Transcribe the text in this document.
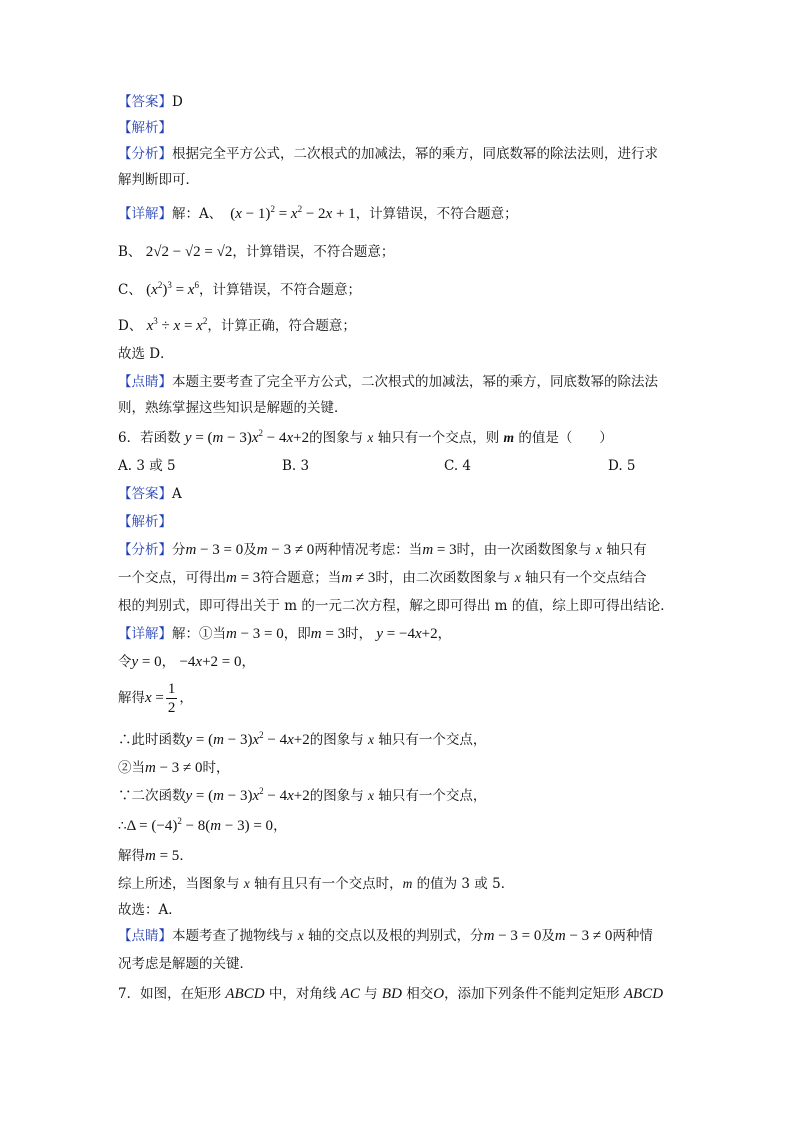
【答案】D
【解析】
【分析】根据完全平方公式，二次根式的加减法，幂的乘方，同底数幂的除法法则，进行求
解判断即可．
【详解】解：A、  $(x - 1)^2 = x^2 - 2x + 1$，计算错误，不符合题意；
B、 2√2 − √2 = √2，计算错误，不符合题意；
C、 $(x^2)^3 = x^6$，计算错误，不符合题意；
D、 $x^3 \div x = x^2$，计算正确，符合题意；
故选 D．
【点睛】本题主要考查了完全平方公式，二次根式的加减法，幂的乘方，同底数幂的除法法
则，熟练掌握这些知识是解题的关键．
6．若函数 $y = (m - 3)x^2 - 4x+2$的图象与 x 轴只有一个交点，则 m 的值是（　　）
A. 3 或 5	B. 3	C. 4	D. 5
【答案】A
【解析】
【分析】分m − 3 = 0及m − 3 ≠ 0两种情况考虑：当m = 3时，由一次函数图象与 x 轴只有
一个交点，可得出m = 3符合题意；当m ≠ 3时，由二次函数图象与 x 轴只有一个交点结合
根的判别式，即可得出关于 m 的一元二次方程，解之即可得出 m 的值，综上即可得出结论．
【详解】解：①当m − 3 = 0，即m = 3时， y = −4x+2，
令y = 0， −4x+2 = 0，
解得$x = \frac{1}{2}$ ，
∴此时函数$y = (m - 3)x^2 - 4x+2$的图象与 x 轴只有一个交点，
②当m − 3 ≠ 0时，
∵二次函数$y = (m - 3)x^2 - 4x+2$的图象与 x 轴只有一个交点，
∴Δ = $(-4)^2 - 8(m - 3) = 0$，
解得m = 5．
综上所述，当图象与 x 轴有且只有一个交点时，m 的值为 3 或 5．
故选：A．
【点睛】本题考查了抛物线与 x 轴的交点以及根的判别式，分m − 3 = 0及m − 3 ≠ 0两种情
况考虑是解题的关键．
7．如图，在矩形 ABCD 中，对角线 AC 与 BD 相交O，添加下列条件不能判定矩形 ABCD
